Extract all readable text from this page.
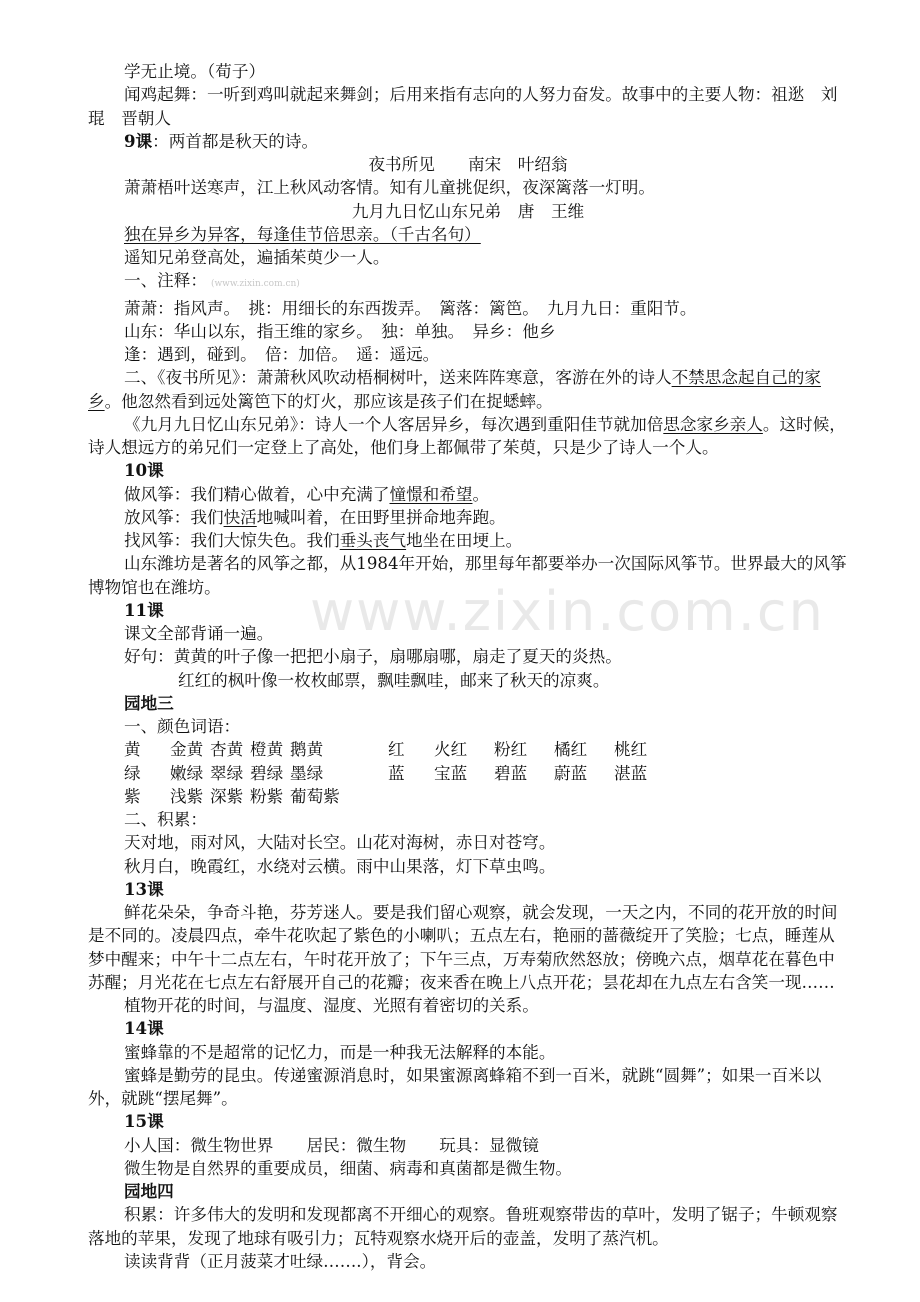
www.zixin.com.cn

学无止境。（荀子）

闻鸡起舞：一听到鸡叫就起来舞剑；后用来指有志向的人努力奋发。故事中的主要人物：祖逖　刘琨　晋朝人

9课：两首都是秋天的诗。

夜书所见　　南宋　叶绍翁

萧萧梧叶送寒声，江上秋风动客情。知有儿童挑促织，夜深篱落一灯明。

九月九日忆山东兄弟　唐　王维

独在异乡为异客，每逢佳节倍思亲。（千古名句）

遥知兄弟登高处，遍插茱萸少一人。

一、注释： (www.zixin.com.cn)

萧萧：指风声。　挑：用细长的东西拨弄。　篱落：篱笆。　九月九日：重阳节。

山东：华山以东，指王维的家乡。　独：单独。　异乡：他乡

逢：遇到，碰到。　倍：加倍。　遥：遥远。

二、《夜书所见》：萧萧秋风吹动梧桐树叶，送来阵阵寒意，客游在外的诗人不禁思念起自己的家乡。他忽然看到远处篱笆下的灯火，那应该是孩子们在捉蟋蟀。

《九月九日忆山东兄弟》：诗人一个人客居异乡，每次遇到重阳佳节就加倍思念家乡亲人。这时候，诗人想远方的弟兄们一定登上了高处，他们身上都佩带了茱萸，只是少了诗人一个人。

10课

做风筝：我们精心做着，心中充满了憧憬和希望。

放风筝：我们快活地喊叫着，在田野里拼命地奔跑。

找风筝：我们大惊失色。我们垂头丧气地坐在田埂上。

山东潍坊是著名的风筝之都，从1984年开始，那里每年都要举办一次国际风筝节。世界最大的风筝博物馆也在潍坊。

11课

课文全部背诵一遍。

好句：黄黄的叶子像一把把小扇子，扇哪扇哪，扇走了夏天的炎热。

红红的枫叶像一枚枚邮票，飘哇飘哇，邮来了秋天的凉爽。

园地三

一、颜色词语：

黄	金黄 杏黄 橙黄 鹅黄	红	火红	粉红	橘红	桃红
绿	嫩绿 翠绿 碧绿 墨绿	蓝	宝蓝	碧蓝	蔚蓝	湛蓝
紫	浅紫 深紫 粉紫 葡萄紫

二、积累：

天对地，雨对风，大陆对长空。山花对海树，赤日对苍穹。

秋月白，晚霞红，水绕对云横。雨中山果落，灯下草虫鸣。

13课

鲜花朵朵，争奇斗艳，芬芳迷人。要是我们留心观察，就会发现，一天之内，不同的花开放的时间是不同的。凌晨四点，牵牛花吹起了紫色的小喇叭；五点左右，艳丽的蔷薇绽开了笑脸；七点，睡莲从梦中醒来；中午十二点左右，午时花开放了；下午三点，万寿菊欣然怒放；傍晚六点，烟草花在暮色中苏醒；月光花在七点左右舒展开自己的花瓣；夜来香在晚上八点开花；昙花却在九点左右含笑一现……

植物开花的时间，与温度、湿度、光照有着密切的关系。

14课

蜜蜂靠的不是超常的记忆力，而是一种我无法解释的本能。

蜜蜂是勤劳的昆虫。传递蜜源消息时，如果蜜源离蜂箱不到一百米，就跳“圆舞”；如果一百米以外，就跳“摆尾舞”。

15课

小人国：微生物世界　　居民：微生物　　玩具：显微镜

微生物是自然界的重要成员，细菌、病毒和真菌都是微生物。

园地四

积累：许多伟大的发明和发现都离不开细心的观察。鲁班观察带齿的草叶，发明了锯子；牛顿观察落地的苹果，发现了地球有吸引力；瓦特观察水烧开后的壶盖，发明了蒸汽机。

读读背背（正月菠菜才吐绿…….），背会。
